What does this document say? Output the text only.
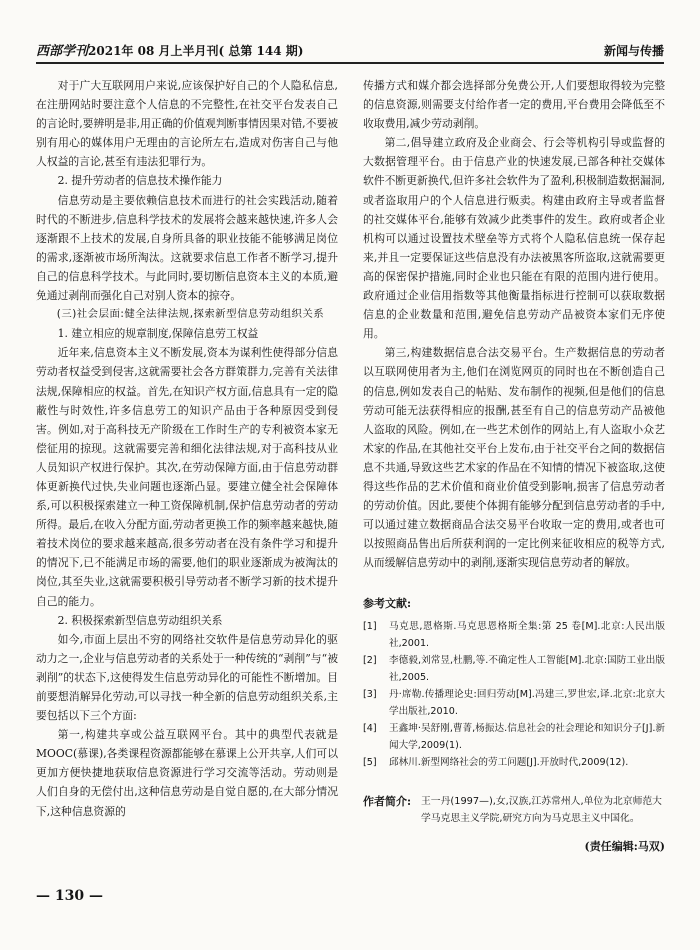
西部学刊2021年 08 月上半月刊( 总第 144 期)	新闻与传播

对于广大互联网用户来说,应该保护好自己的个人隐私信息,在注册网站时要注意个人信息的不完整性,在社交平台发表自己的言论时,要辨明是非,用正确的价值观判断事情因果对错,不要被别有用心的媒体用户无理由的言论所左右,造成对伤害自己与他人权益的言论,甚至有违法犯罪行为。

2. 提升劳动者的信息技术操作能力

信息劳动是主要依赖信息技术而进行的社会实践活动,随着时代的不断进步,信息科学技术的发展将会越来越快速,许多人会逐渐跟不上技术的发展,自身所具备的职业技能不能够满足岗位的需求,逐渐被市场所淘汰。这就要求信息工作者不断学习,提升自己的信息科学技术。与此同时,要切断信息资本主义的本质,避免通过剥削而强化自己对别人资本的掠夺。

(三)社会层面:健全法律法规,探索新型信息劳动组织关系

1. 建立相应的规章制度,保障信息劳工权益

近年来,信息资本主义不断发展,资本为谋利性使得部分信息劳动者权益受到侵害,这就需要社会各方群策群力,完善有关法律法规,保障相应的权益。首先,在知识产权方面,信息具有一定的隐蔽性与时效性,许多信息劳工的知识产品由于各种原因受到侵害。例如,对于高科技无产阶级在工作时生产的专利被资本家无偿征用的掠现。这就需要完善和细化法律法规,对于高科技从业人员知识产权进行保护。其次,在劳动保障方面,由于信息劳动群体更新换代过快,失业问题也逐渐凸显。要建立健全社会保障体系,可以积极探索建立一种工资保障机制,保护信息劳动者的劳动所得。最后,在收入分配方面,劳动者更换工作的频率越来越快,随着技术岗位的要求越来越高,很多劳动者在没有条件学习和提升的情况下,已不能满足市场的需要,他们的职业逐渐成为被淘汰的岗位,其至失业,这就需要积极引导劳动者不断学习新的技术提升自己的能力。

2. 积极探索新型信息劳动组织关系

如今,市面上层出不穷的网络社交软件是信息劳动异化的驱动力之一,企业与信息劳动者的关系处于一种传统的“剥削”与“被剥削”的状态下,这使得发生信息劳动异化的可能性不断增加。目前要想消解异化劳动,可以寻找一种全新的信息劳动组织关系,主要包括以下三个方面:

第一,构建共享或公益互联网平台。其中的典型代表就是 MOOC(慕课),各类课程资源都能够在慕课上公开共享,人们可以更加方便快捷地获取信息资源进行学习交流等活动。劳动则是人们自身的无偿付出,这种信息劳动是自觉自愿的,在大部分情况下,这种信息资源的

传播方式和媒介都会选择部分免费公开,人们要想取得较为完整的信息资源,则需要支付给作者一定的费用,平台费用会降低至不收取费用,减少劳动剥削。

第二,倡导建立政府及企业商会、行会等机构引导或监督的大数据管理平台。由于信息产业的快速发展,已部各种社交媒体软件不断更新换代,但许多社会软件为了盈利,积极制造数据漏洞,或者盗取用户的个人信息进行贩卖。构建由政府主导或者监督的社交媒体平台,能够有效减少此类事件的发生。政府或者企业机构可以通过设置技术壁垒等方式将个人隐私信息统一保存起来,并且一定要保证这些信息没有办法被黑客所盗取,这就需要更高的保密保护措施,同时企业也只能在有限的范围内进行使用。政府通过企业信用指数等其他衡量指标进行控制可以获取数据信息的企业数量和范围,避免信息劳动产品被资本家们无序使用。

第三,构建数据信息合法交易平台。生产数据信息的劳动者以互联网使用者为主,他们在浏览网页的同时也在不断创造自己的信息,例如发表自己的帖贴、发布制作的视频,但是他们的信息劳动可能无法获得相应的报酬,甚至有自己的信息劳动产品被他人盗取的风险。例如,在一些艺术创作的网站上,有人盗取小众艺术家的作品,在其他社交平台上发布,由于社交平台之间的数据信息不共通,导致这些艺术家的作品在不知情的情况下被盗取,这使得这些作品的艺术价值和商业价值受到影响,损害了信息劳动者的劳动价值。因此,要使个体拥有能够分配到信息劳动者的手中,可以通过建立数据商品合法交易平台收取一定的费用,或者也可以按照商品售出后所获利润的一定比例来征收相应的税等方式,从而缓解信息劳动中的剥削,逐渐实现信息劳动者的解放。

参考文献:
[1]	马克思,恩格斯.马克思恩格斯全集:第 25 卷[M].北京:人民出版社,2001.
[2]	李德毅,刘常昱,杜鹏,等.不确定性人工智能[M].北京:国防工业出版社,2005.
[3]	丹·席勒.传播理论史:回归劳动[M].冯建三,罗世宏,译.北京:北京大学出版社,2010.
[4]	王鑫坤·吴舒刚,曹菁,杨振达.信息社会的社会理论和知识分子[J].新闻大学,2009(1).
[5]	邱林川.新型网络社会的劳工问题[J].开放时代,2009(12).
作者简介:	王一丹(1997—),女,汉族,江苏常州人,单位为北京师范大学马克思主义学院,研究方向为马克思主义中国化。
(责任编辑:马双)
— 130 —
